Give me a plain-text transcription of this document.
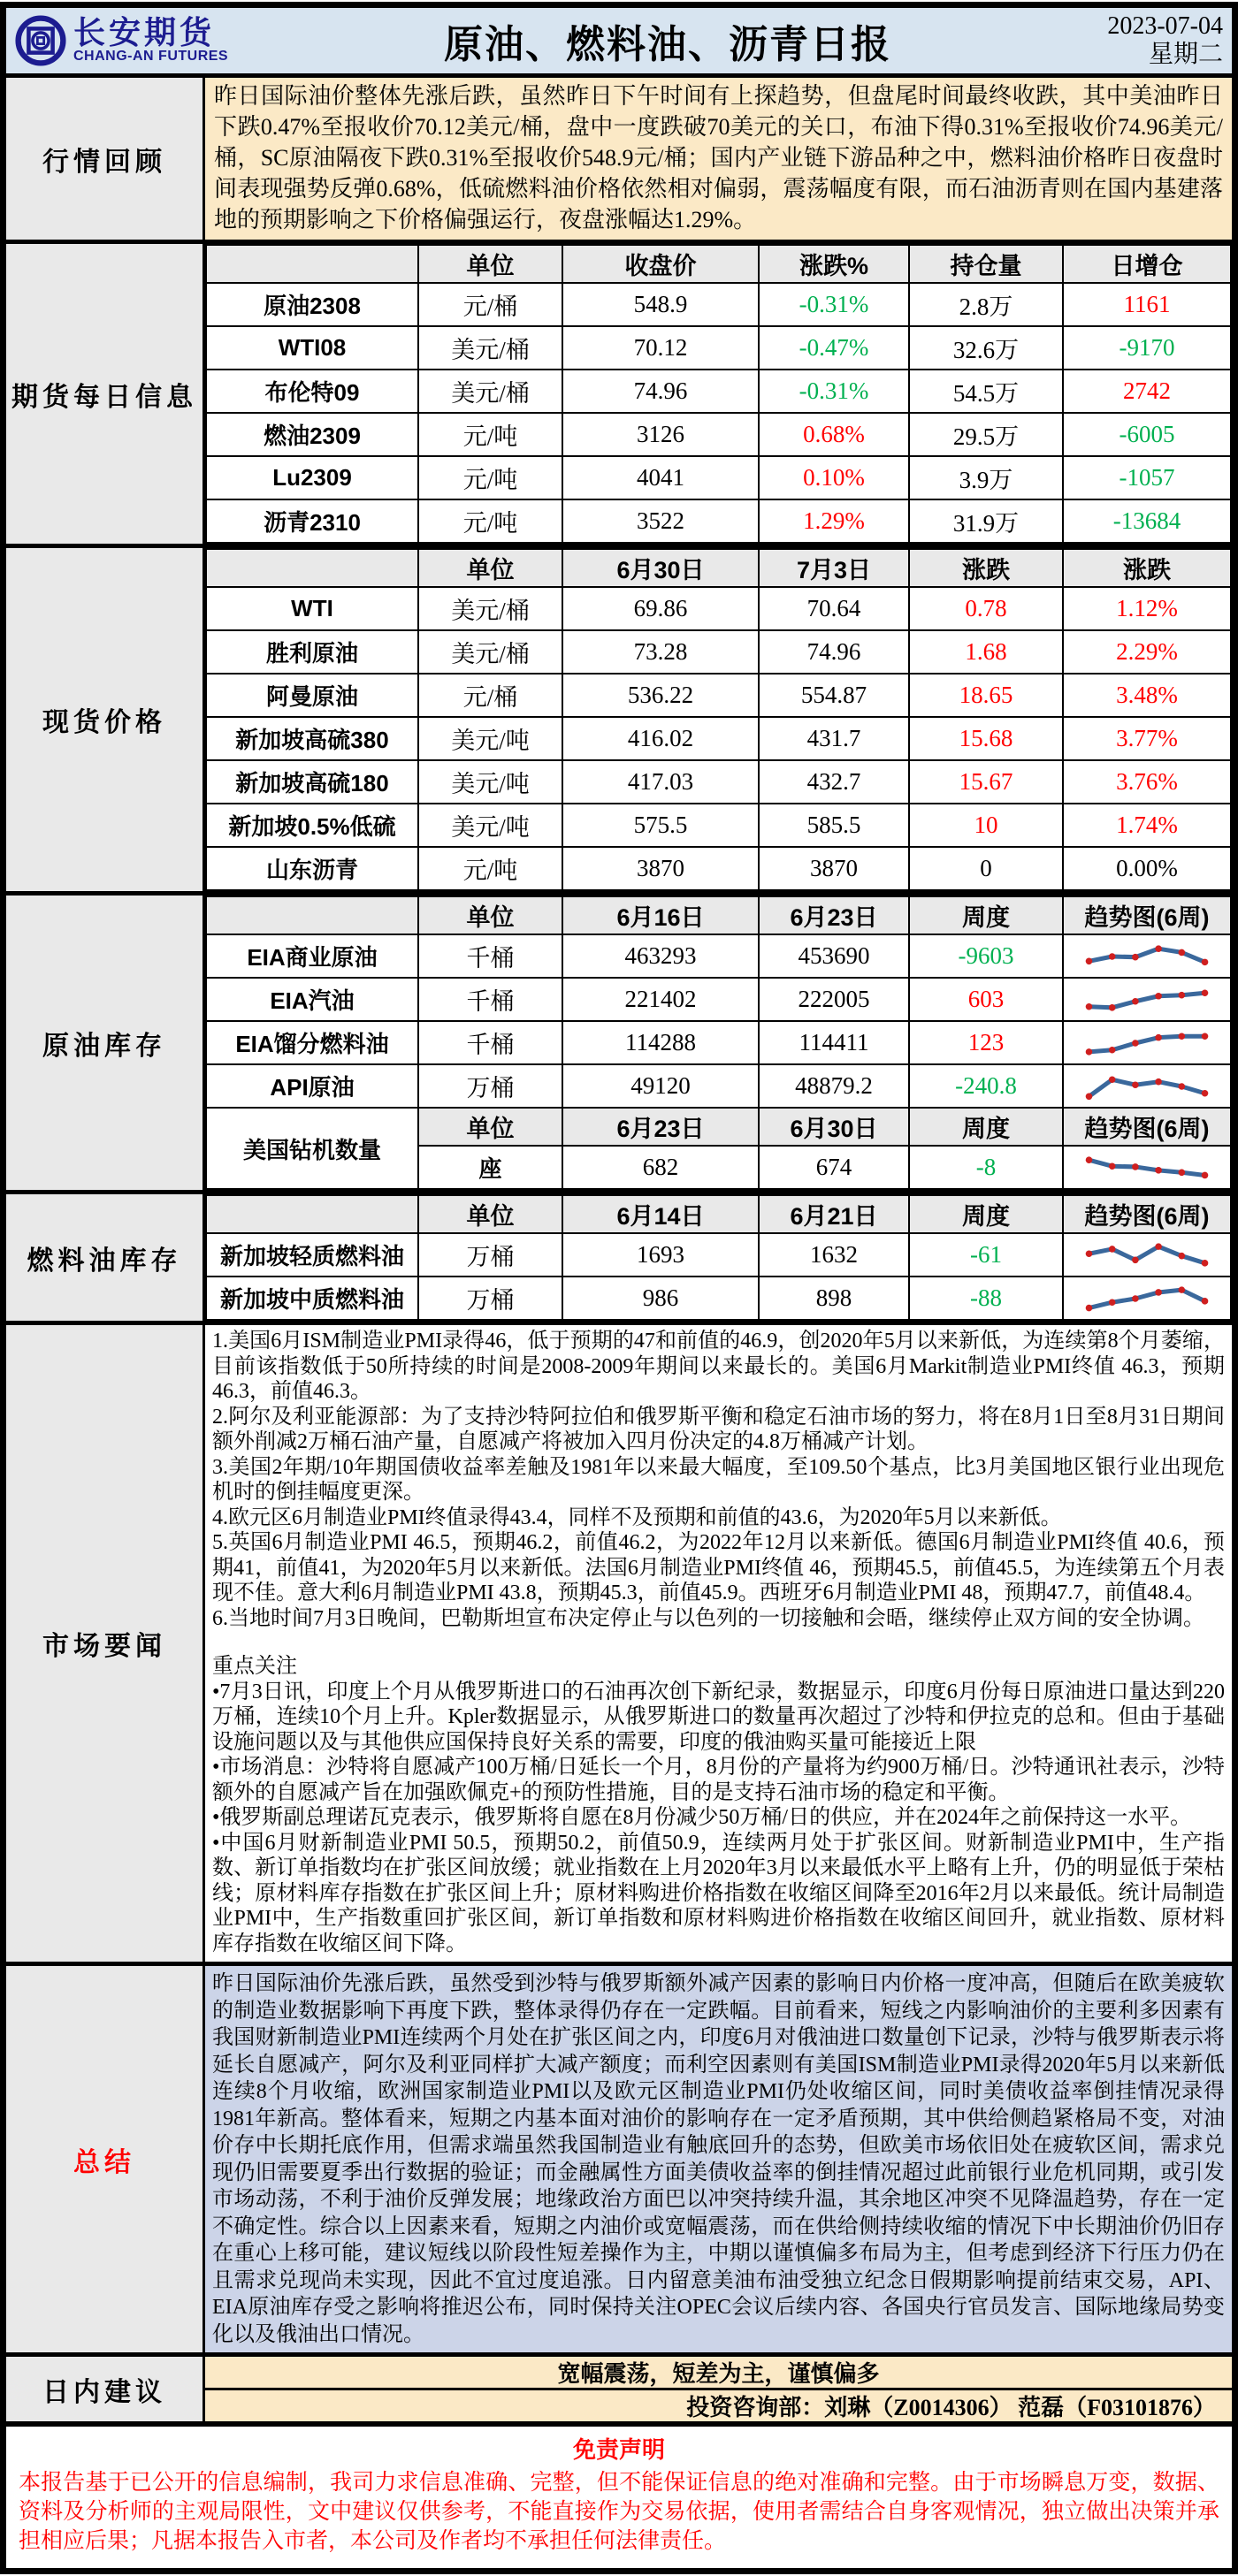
长安期货
CHANG-AN FUTURES	原油、燃料油、沥青日报	2023-07-04
星期二
行情回顾
昨日国际油价整体先涨后跌，虽然昨日下午时间有上探趋势，但盘尾时间最终收跌，其中美油昨日下跌0.47%至报收价70.12美元/桶，盘中一度跌破70美元的关口，布油下得0.31%至报收价74.96美元/桶，SC原油隔夜下跌0.31%至报收价548.9元/桶；国内产业链下游品种之中，燃料油价格昨日夜盘时间表现强势反弹0.68%，低硫燃料油价格依然相对偏弱，震荡幅度有限，而石油沥青则在国内基建落地的预期影响之下价格偏强运行，夜盘涨幅达1.29%。
期货每日信息
	单位	收盘价	涨跌%	持仓量	日增仓
原油2308	元/桶	548.9	-0.31%	2.8万	1161
WTI08	美元/桶	70.12	-0.47%	32.6万	-9170
布伦特09	美元/桶	74.96	-0.31%	54.5万	2742
燃油2309	元/吨	3126	0.68%	29.5万	-6005
Lu2309	元/吨	4041	0.10%	3.9万	-1057
沥青2310	元/吨	3522	1.29%	31.9万	-13684
现货价格
	单位	6月30日	7月3日	涨跌	涨跌
WTI	美元/桶	69.86	70.64	0.78	1.12%
胜利原油	美元/桶	73.28	74.96	1.68	2.29%
阿曼原油	元/桶	536.22	554.87	18.65	3.48%
新加坡高硫380	美元/吨	416.02	431.7	15.68	3.77%
新加坡高硫180	美元/吨	417.03	432.7	15.67	3.76%
新加坡0.5%低硫	美元/吨	575.5	585.5	10	1.74%
山东沥青	元/吨	3870	3870	0	0.00%
原油库存
	单位	6月16日	6月23日	周度	趋势图(6周)
EIA商业原油	千桶	463293	453690	-9603	

EIA汽油	千桶	221402	222005	603	

EIA馏分燃料油	千桶	114288	114411	123	

API原油	万桶	49120	48879.2	-240.8	

美国钻机数量	单位	6月23日	6月30日	周度	趋势图(6周)
	座	682	674	-8	
燃料油库存
	单位	6月14日	6月21日	周度	趋势图(6周)
新加坡轻质燃料油	万桶	1693	1632	-61	

新加坡中质燃料油	万桶	986	898	-88	
市场要闻
1.美国6月ISM制造业PMI录得46，低于预期的47和前值的46.9，创2020年5月以来新低，为连续第8个月萎缩，目前该指数低于50所持续的时间是2008-2009年期间以来最长的。美国6月Markit制造业PMI终值 46.3，预期46.3，前值46.3。
2.阿尔及利亚能源部：为了支持沙特阿拉伯和俄罗斯平衡和稳定石油市场的努力，将在8月1日至8月31日期间额外削减2万桶石油产量，自愿减产将被加入四月份决定的4.8万桶减产计划。
3.美国2年期/10年期国债收益率差触及1981年以来最大幅度，至109.50个基点，比3月美国地区银行业出现危机时的倒挂幅度更深。
4.欧元区6月制造业PMI终值录得43.4，同样不及预期和前值的43.6，为2020年5月以来新低。
5.英国6月制造业PMI 46.5，预期46.2，前值46.2，为2022年12月以来新低。德国6月制造业PMI终值 40.6，预期41，前值41，为2020年5月以来新低。法国6月制造业PMI终值 46，预期45.5，前值45.5，为连续第五个月表现不佳。意大利6月制造业PMI 43.8，预期45.3，前值45.9。西班牙6月制造业PMI 48，预期47.7，前值48.4。
6.当地时间7月3日晚间，巴勒斯坦宣布决定停止与以色列的一切接触和会晤，继续停止双方间的安全协调。
重点关注
•7月3日讯，印度上个月从俄罗斯进口的石油再次创下新纪录，数据显示，印度6月份每日原油进口量达到220万桶，连续10个月上升。Kpler数据显示，从俄罗斯进口的数量再次超过了沙特和伊拉克的总和。但由于基础设施问题以及与其他供应国保持良好关系的需要，印度的俄油购买量可能接近上限
•市场消息：沙特将自愿减产100万桶/日延长一个月，8月份的产量将为约900万桶/日。沙特通讯社表示，沙特额外的自愿减产旨在加强欧佩克+的预防性措施，目的是支持石油市场的稳定和平衡。
•俄罗斯副总理诺瓦克表示，俄罗斯将自愿在8月份减少50万桶/日的供应，并在2024年之前保持这一水平。
•中国6月财新制造业PMI 50.5，预期50.2，前值50.9，连续两月处于扩张区间。财新制造业PMI中，生产指数、新订单指数均在扩张区间放缓；就业指数在上月2020年3月以来最低水平上略有上升，仍的明显低于荣枯线；原材料库存指数在扩张区间上升；原材料购进价格指数在收缩区间降至2016年2月以来最低。统计局制造业PMI中，生产指数重回扩张区间，新订单指数和原材料购进价格指数在收缩区间回升，就业指数、原材料库存指数在收缩区间下降。
总结
昨日国际油价先涨后跌，虽然受到沙特与俄罗斯额外减产因素的影响日内价格一度冲高，但随后在欧美疲软的制造业数据影响下再度下跌，整体录得仍存在一定跌幅。目前看来，短线之内影响油价的主要利多因素有我国财新制造业PMI连续两个月处在扩张区间之内，印度6月对俄油进口数量创下记录，沙特与俄罗斯表示将延长自愿减产，阿尔及利亚同样扩大减产额度；而利空因素则有美国ISM制造业PMI录得2020年5月以来新低连续8个月收缩，欧洲国家制造业PMI以及欧元区制造业PMI仍处收缩区间，同时美债收益率倒挂情况录得1981年新高。整体看来，短期之内基本面对油价的影响存在一定矛盾预期，其中供给侧趋紧格局不变，对油价存中长期托底作用，但需求端虽然我国制造业有触底回升的态势，但欧美市场依旧处在疲软区间，需求兑现仍旧需要夏季出行数据的验证；而金融属性方面美债收益率的倒挂情况超过此前银行业危机同期，或引发市场动荡，不利于油价反弹发展；地缘政治方面巴以冲突持续升温，其余地区冲突不见降温趋势，存在一定不确定性。综合以上因素来看，短期之内油价或宽幅震荡，而在供给侧持续收缩的情况下中长期油价仍旧存在重心上移可能，建议短线以阶段性短差操作为主，中期以谨慎偏多布局为主，但考虑到经济下行压力仍在且需求兑现尚未实现，因此不宜过度追涨。日内留意美油布油受独立纪念日假期影响提前结束交易，API、EIA原油库存受之影响将推迟公布，同时保持关注OPEC会议后续内容、各国央行官员发言、国际地缘局势变化以及俄油出口情况。
日内建议
宽幅震荡，短差为主，谨慎偏多
投资咨询部：刘琳（Z0014306） 范磊（F03101876）
免责声明
本报告基于已公开的信息编制，我司力求信息准确、完整，但不能保证信息的绝对准确和完整。由于市场瞬息万变，数据、资料及分析师的主观局限性，文中建议仅供参考，不能直接作为交易依据，使用者需结合自身客观情况，独立做出决策并承担相应后果；凡据本报告入市者，本公司及作者均不承担任何法律责任。
